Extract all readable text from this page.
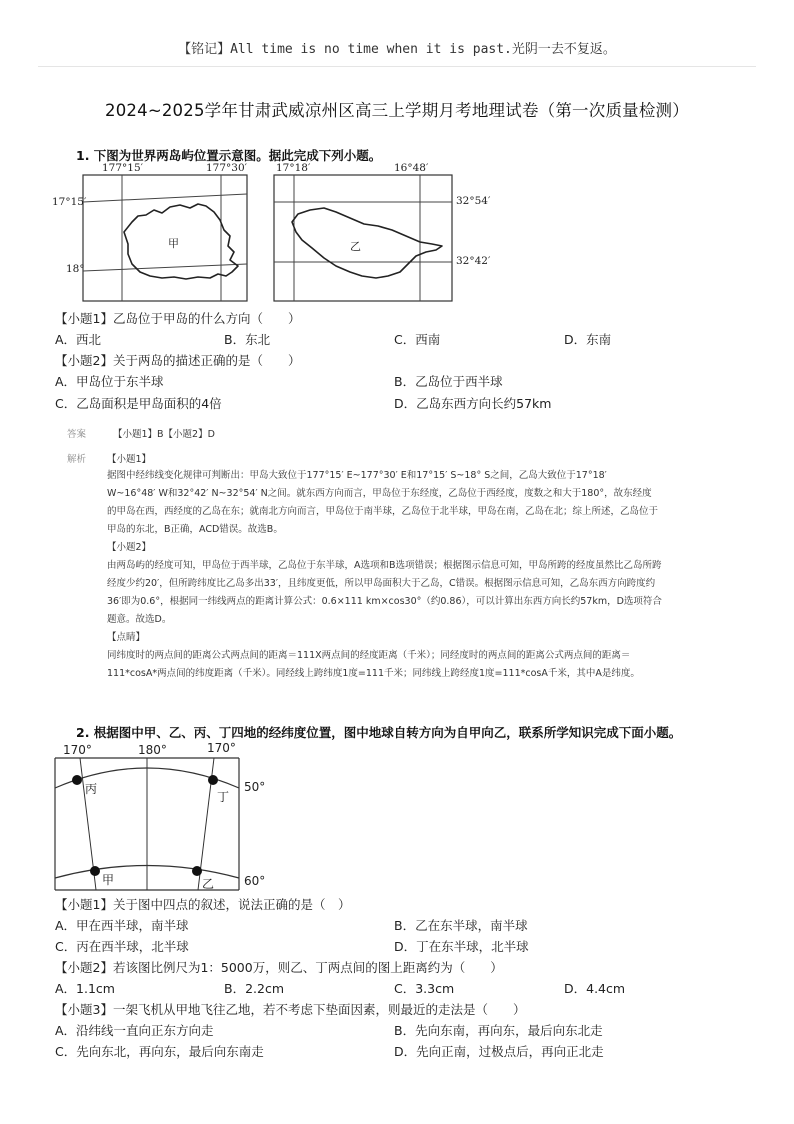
【铭记】All time is no time when it is past.光阴一去不复返。
2024~2025学年甘肃武威凉州区高三上学期月考地理试卷（第一次质量检测）
1. 下图为世界两岛屿位置示意图。据此完成下列小题。
177°15′	177°30′
17°15′
18°
甲
17°18′	16°48′
32°54′
32°42′
乙
【小题1】乙岛位于甲岛的什么方向（　　）
A．西北	B．东北	C．西南	D．东南
【小题2】关于两岛的描述正确的是（　　）
A．甲岛位于东半球	B．乙岛位于西半球
C．乙岛面积是甲岛面积的4倍	D．乙岛东西方向长约57km
答案	【小题1】B【小题2】D
解析 【小题1】
据图中经纬线变化规律可判断出：甲岛大致位于177°15′ E~177°30′ E和17°15′ S~18° S之间，乙岛大致位于17°18′
W~16°48′ W和32°42′ N~32°54′ N之间。就东西方向而言，甲岛位于东经度，乙岛位于西经度，度数之和大于180°，故东经度
的甲岛在西，西经度的乙岛在东；就南北方向而言，甲岛位于南半球，乙岛位于北半球，甲岛在南，乙岛在北；综上所述，乙岛位于
甲岛的东北，B正确，ACD错误。故选B。
【小题2】
由两岛屿的经度可知，甲岛位于西半球，乙岛位于东半球，A选项和B选项错误；根据图示信息可知，甲岛所跨的经度虽然比乙岛所跨
经度少约20′，但所跨纬度比乙岛多出33′，且纬度更低，所以甲岛面积大于乙岛，C错误。根据图示信息可知，乙岛东西方向跨度约
36′即为0.6°，根据同一纬线两点的距离计算公式：0.6×111 km×cos30°（约0.86），可以计算出东西方向长约57km，D选项符合
题意。故选D。
【点睛】
同纬度时的两点间的距离公式两点间的距离＝111X两点间的经度距离（千米）；同经度时的两点间的距离公式两点间的距离＝
111*cosA*两点间的纬度距离（千米）。同经线上跨纬度1度=111千米；同纬线上跨经度1度=111*cosA千米，其中A是纬度。
2. 根据图中甲、乙、丙、丁四地的经纬度位置，图中地球自转方向为自甲向乙，联系所学知识完成下面小题。
170°	180°	170°
50°
60°
丙
丁
甲	乙
【小题1】关于图中四点的叙述，说法正确的是（　）
A．甲在西半球，南半球	B．乙在东半球，南半球
C．丙在西半球，北半球	D．丁在东半球，北半球
【小题2】若该图比例尺为1：5000万，则乙、丁两点间的图上距离约为（　　）
A．1.1cm	B．2.2cm	C．3.3cm	D．4.4cm
【小题3】一架飞机从甲地飞往乙地，若不考虑下垫面因素，则最近的走法是（　　）
A．沿纬线一直向正东方向走	B．先向东南，再向东，最后向东北走
C．先向东北，再向东，最后向东南走	D．先向正南，过极点后，再向正北走
